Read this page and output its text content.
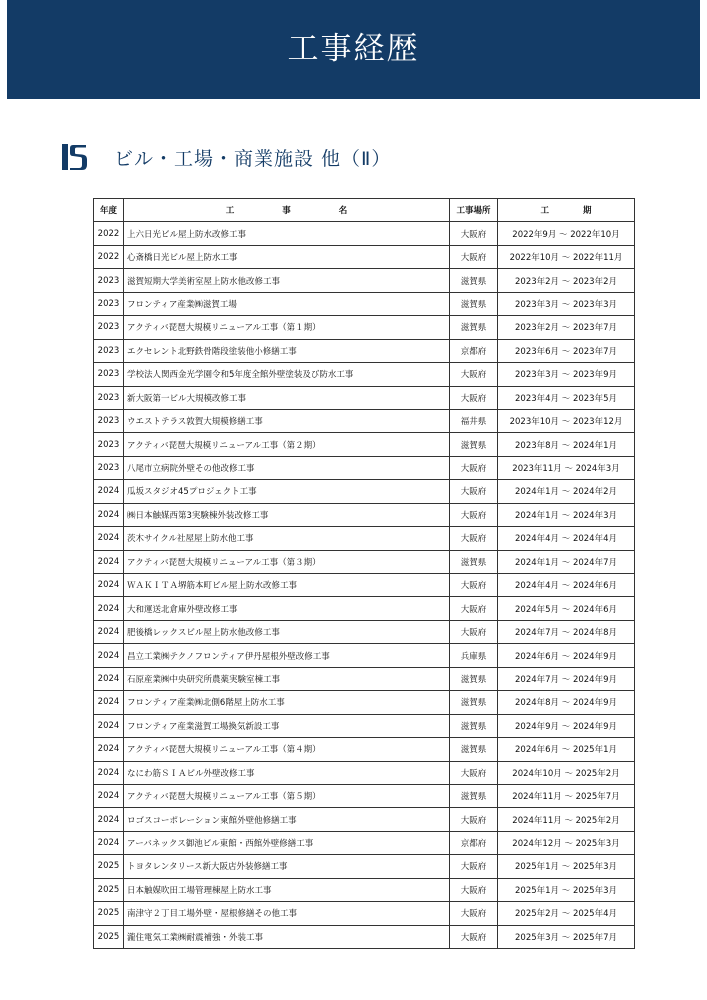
工事経歴
ビル・工場・商業施設 他（Ⅱ）
年度	工事名	工事場所	工期
2022	上六日光ビル屋上防水改修工事	大阪府	2022年9月 ～ 2022年10月
2022	心斎橋日光ビル屋上防水工事	大阪府	2022年10月 ～ 2022年11月
2023	滋賀短期大学美術室屋上防水他改修工事	滋賀県	2023年2月 ～ 2023年2月
2023	フロンティア産業㈱滋賀工場	滋賀県	2023年3月 ～ 2023年3月
2023	アクティバ琵琶大規模リニューアル工事（第１期）	滋賀県	2023年2月 ～ 2023年7月
2023	エクセレント北野鉄骨階段塗装他小修繕工事	京都府	2023年6月 ～ 2023年7月
2023	学校法人関西金光学園令和5年度全館外壁塗装及び防水工事	大阪府	2023年3月 ～ 2023年9月
2023	新大阪第一ビル大規模改修工事	大阪府	2023年4月 ～ 2023年5月
2023	ウエストテラス敦賀大規模修繕工事	福井県	2023年10月 ～ 2023年12月
2023	アクティバ琵琶大規模リニューアル工事（第２期）	滋賀県	2023年8月 ～ 2024年1月
2023	八尾市立病院外壁その他改修工事	大阪府	2023年11月 ～ 2024年3月
2024	瓜坂スタジオ45プロジェクト工事	大阪府	2024年1月 ～ 2024年2月
2024	㈱日本触媒西第3実験棟外装改修工事	大阪府	2024年1月 ～ 2024年3月
2024	茨木サイクル社屋屋上防水他工事	大阪府	2024年4月 ～ 2024年4月
2024	アクティバ琵琶大規模リニューアル工事（第３期）	滋賀県	2024年1月 ～ 2024年7月
2024	ＷＡＫＩＴＡ堺筋本町ビル屋上防水改修工事	大阪府	2024年4月 ～ 2024年6月
2024	大和運送北倉庫外壁改修工事	大阪府	2024年5月 ～ 2024年6月
2024	肥後橋レックスビル屋上防水他改修工事	大阪府	2024年7月 ～ 2024年8月
2024	昌立工業㈱テクノフロンティア伊丹屋根外壁改修工事	兵庫県	2024年6月 ～ 2024年9月
2024	石原産業㈱中央研究所農薬実験室棟工事	滋賀県	2024年7月 ～ 2024年9月
2024	フロンティア産業㈱北側6階屋上防水工事	滋賀県	2024年8月 ～ 2024年9月
2024	フロンティア産業滋賀工場換気新設工事	滋賀県	2024年9月 ～ 2024年9月
2024	アクティバ琵琶大規模リニューアル工事（第４期）	滋賀県	2024年6月 ～ 2025年1月
2024	なにわ筋ＳＩＡビル外壁改修工事	大阪府	2024年10月 ～ 2025年2月
2024	アクティバ琵琶大規模リニューアル工事（第５期）	滋賀県	2024年11月 ～ 2025年7月
2024	ロゴスコーポレーション東館外壁他修繕工事	大阪府	2024年11月 ～ 2025年2月
2024	アーバネックス御池ビル東館・西館外壁修繕工事	京都府	2024年12月 ～ 2025年3月
2025	トヨタレンタリース新大阪店外装修繕工事	大阪府	2025年1月 ～ 2025年3月
2025	日本触媒吹田工場管理棟屋上防水工事	大阪府	2025年1月 ～ 2025年3月
2025	南津守２丁目工場外壁・屋根修繕その他工事	大阪府	2025年2月 ～ 2025年4月
2025	瀧住電気工業㈱耐震補強・外装工事	大阪府	2025年3月 ～ 2025年7月
